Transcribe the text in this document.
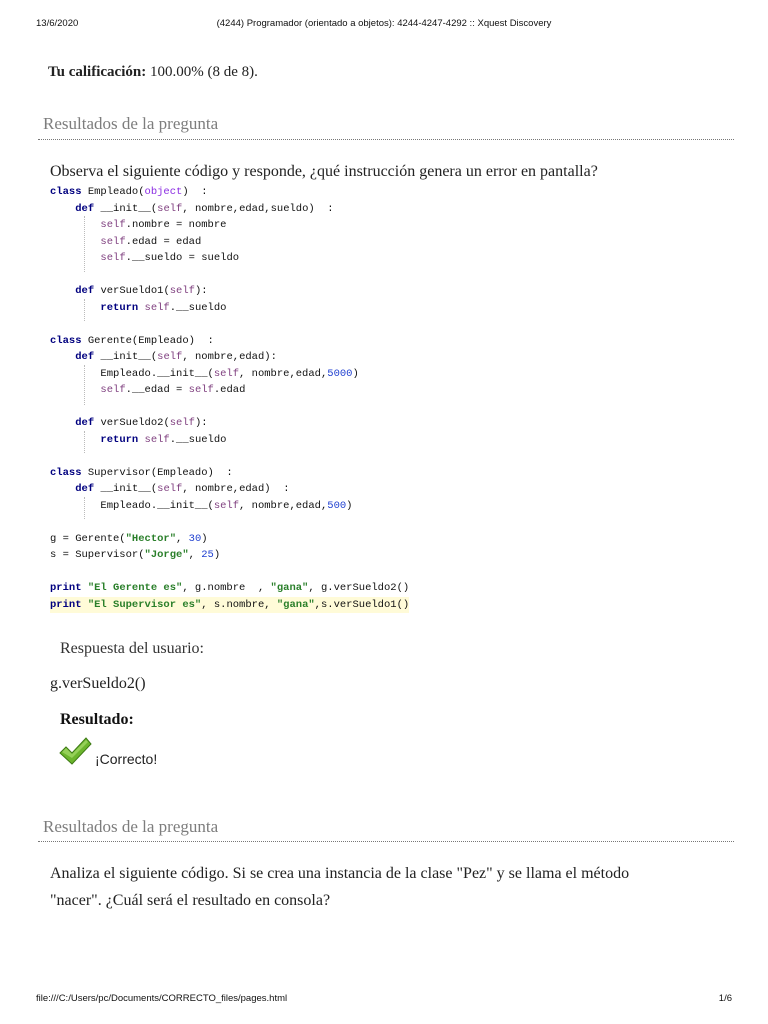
13/6/2020	(4244) Programador (orientado a objetos): 4244-4247-4292 :: Xquest Discovery
Tu calificación: 100.00% (8 de 8).
Resultados de la pregunta
Observa el siguiente código y responde, ¿qué instrucción genera un error en pantalla?
class Empleado(object)  :
def __init__(self, nombre,edad,sueldo)  :
self.nombre = nombre
self.edad = edad
self.__sueldo = sueldo
def verSueldo1(self):
return self.__sueldo
class Gerente(Empleado)  :
def __init__(self, nombre,edad):
Empleado.__init__(self, nombre,edad,5000)
self.__edad = self.edad
def verSueldo2(self):
return self.__sueldo
class Supervisor(Empleado)  :
def __init__(self, nombre,edad)  :
Empleado.__init__(self, nombre,edad,500)
g = Gerente("Hector", 30)
s = Supervisor("Jorge", 25)
print "El Gerente es", g.nombre  , "gana", g.verSueldo2()
print "El Supervisor es", s.nombre, "gana",s.verSueldo1()
Respuesta del usuario:
g.verSueldo2()
Resultado:
¡Correcto!
Resultados de la pregunta
Analiza el siguiente código. Si se crea una instancia de la clase "Pez" y se llama el método
"nacer". ¿Cuál será el resultado en consola?
file:///C:/Users/pc/Documents/CORRECTO_files/pages.html	1/6
